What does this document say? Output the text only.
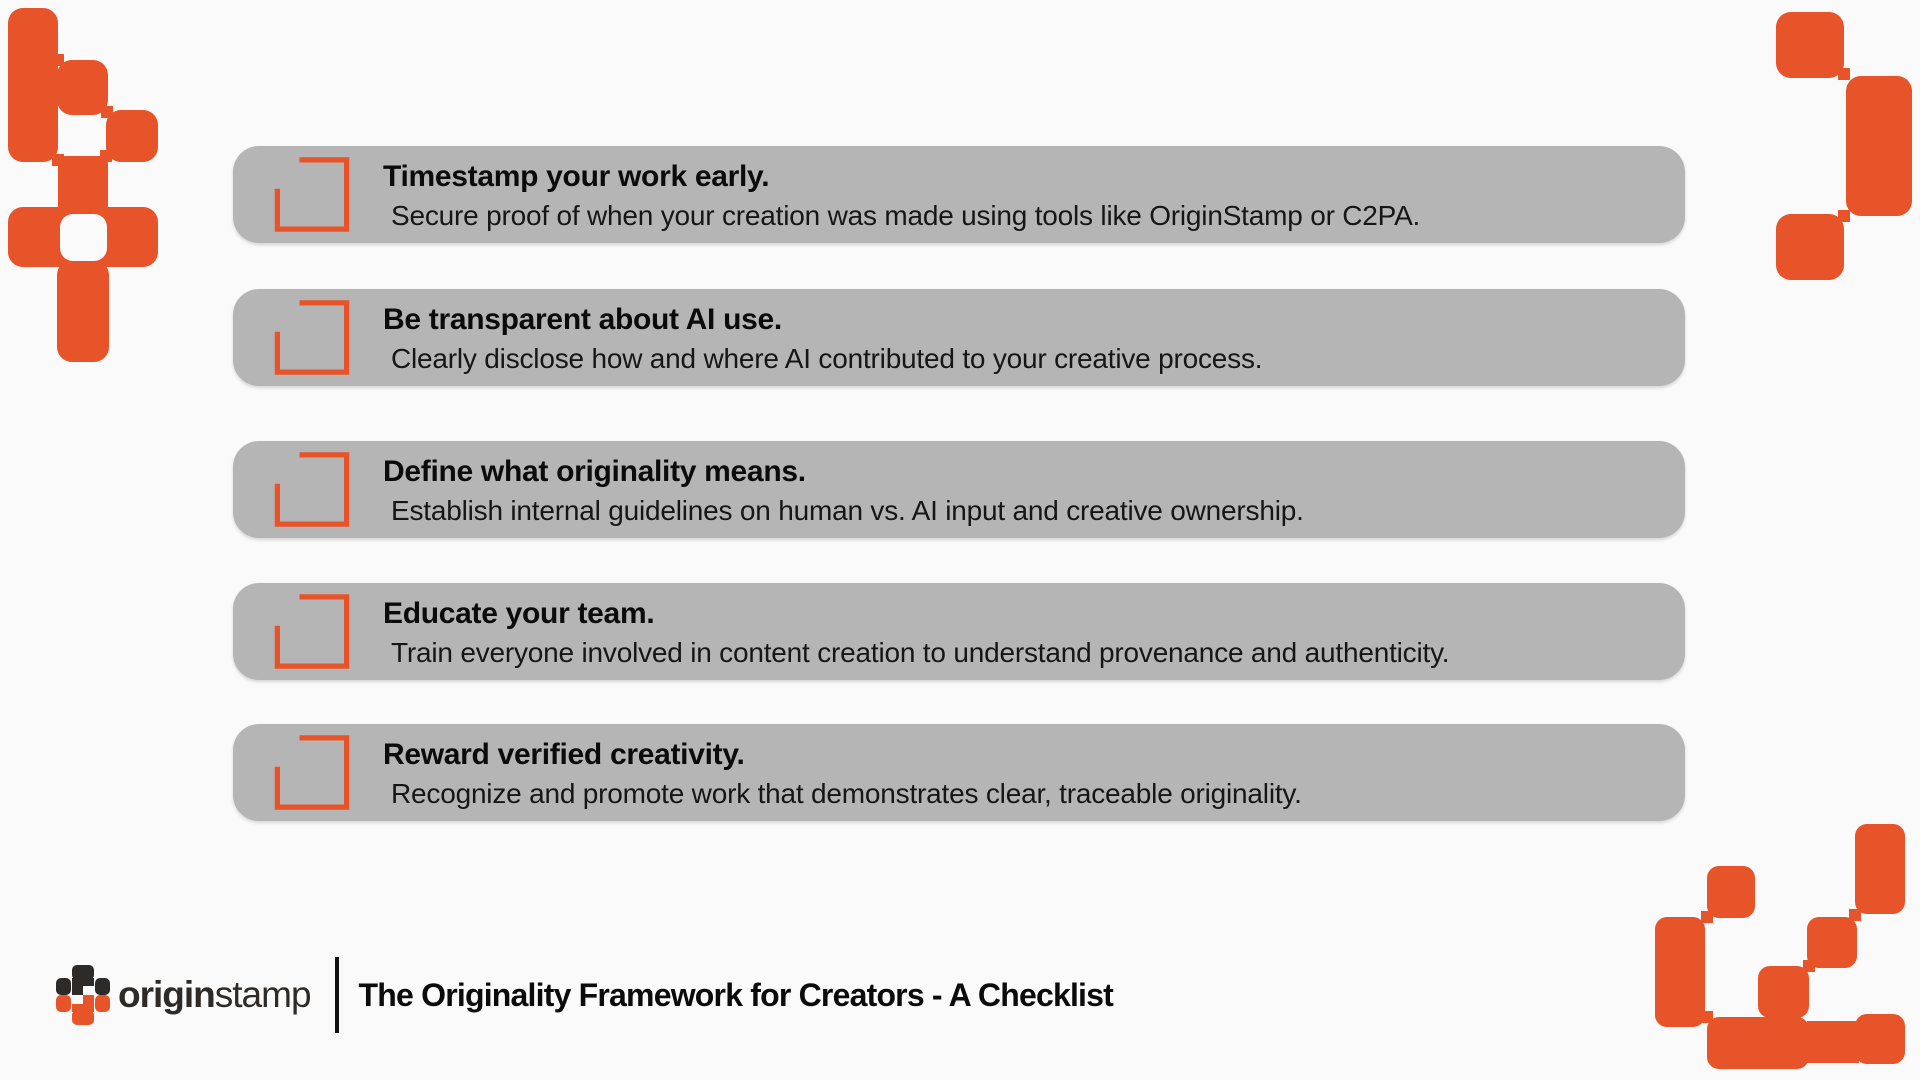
Timestamp your work early.
Secure proof of when your creation was made using tools like OriginStamp or C2PA.
Be transparent about AI use.
Clearly disclose how and where AI contributed to your creative process.
Define what originality means.
Establish internal guidelines on human vs. AI input and creative ownership.
Educate your team.
Train everyone involved in content creation to understand provenance and authenticity.
Reward verified creativity.
Recognize and promote work that demonstrates clear, traceable originality.
originstamp The Originality Framework for Creators - A Checklist
